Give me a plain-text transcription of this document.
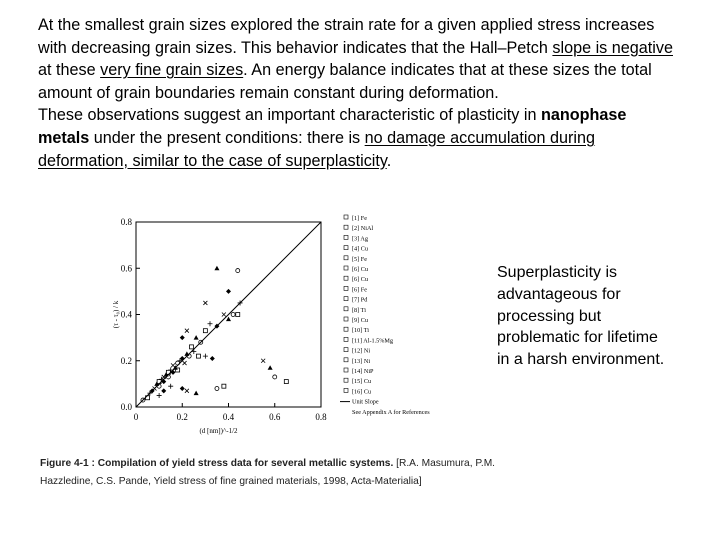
At the smallest grain sizes explored the strain rate for a given applied stress increases with decreasing grain sizes. This behavior indicates that the Hall–Petch slope is negative at these very fine grain sizes. An energy balance indicates that at these sizes the total amount of grain boundaries remain constant during deformation.

These observations suggest an important characteristic of plasticity in nanophase metals under the present conditions: there is no damage accumulation during deformation, similar to the case of superplasticity.

0	0.2	0.4	0.6	0.8
0.0
0.2
0.4
0.6
0.8
(d [nm])^-1/2
(τ - τ₀) / k
[1] Fe
[2] NiAl
[3] Ag
[4] Cu
[5] Fe
[6] Cu
[6] Cu
[6] Fe
[7] Pd
[8] Ti
[9] Cu
[10] Ti
[11] Al-1.5%Mg
[12] Ni
[13] Ni
[14] NiP
[15] Cu
[16] Cu
Unit Slope
See Appendix A for References
Superplasticity is advantageous for processing but problematic for lifetime in a harsh environment.
Figure 4-1 : Compilation of yield stress data for several metallic systems. [R.A. Masumura, P.M. Hazzledine, C.S. Pande, Yield stress of fine grained materials, 1998, Acta-Materialia]
